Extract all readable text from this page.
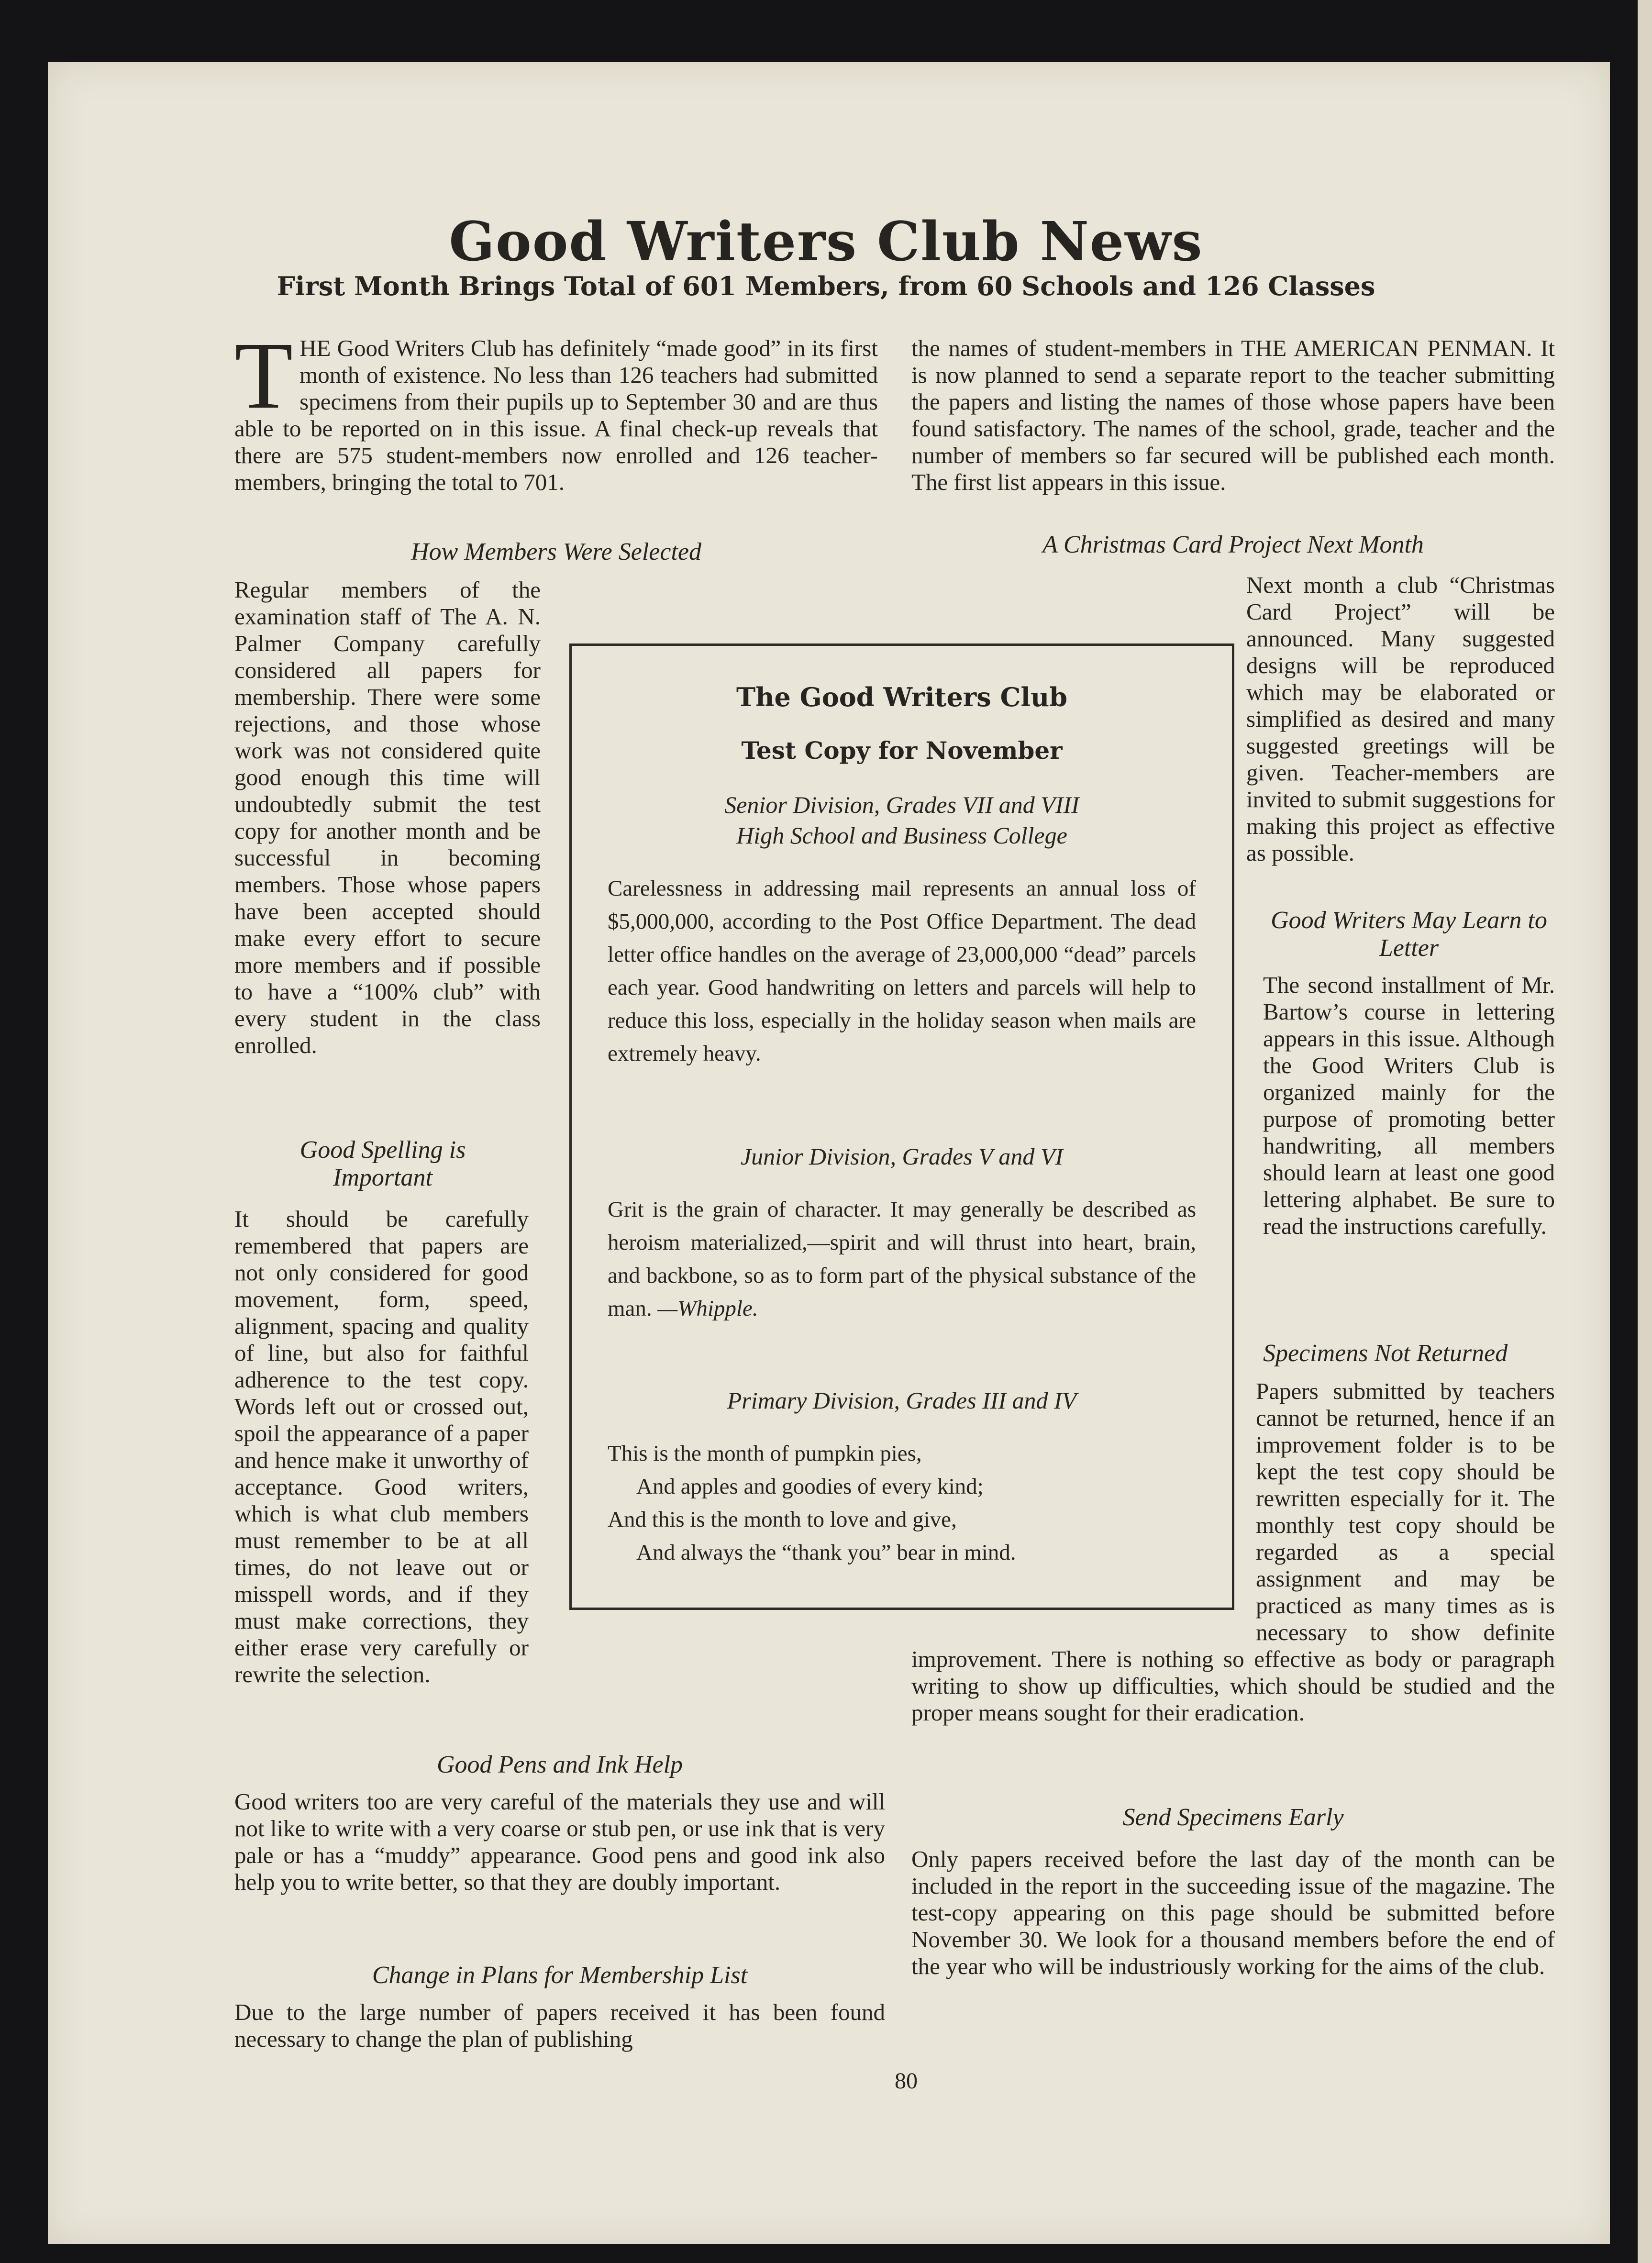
Good Writers Club News
First Month Brings Total of 601 Members, from 60 Schools and 126 Classes

THE Good Writers Club has definitely “made good” in its first month of existence. No less than 126 teachers had submitted specimens from their pupils up to September 30 and are thus able to be reported on in this issue. A final check-up reveals that there are 575 student-members now enrolled and 126 teacher-members, bringing the total to 701.

How Members Were Selected

Regular members of the examination staff of The A. N. Palmer Company carefully considered all papers for membership. There were some rejections, and those whose work was not considered quite good enough this time will undoubtedly submit the test copy for another month and be successful in becoming members. Those whose papers have been accepted should make every effort to secure more members and if possible to have a “100% club” with every student in the class enrolled.

Good Spelling is Important

It should be carefully remembered that papers are not only considered for good movement, form, speed, alignment, spacing and quality of line, but also for faithful adherence to the test copy. Words left out or crossed out, spoil the appearance of a paper and hence make it unworthy of acceptance. Good writers, which is what club members must remember to be at all times, do not leave out or misspell words, and if they must make corrections, they either erase very carefully or rewrite the selection.

Good Pens and Ink Help

Good writers too are very careful of the materials they use and will not like to write with a very coarse or stub pen, or use ink that is very pale or has a “muddy” appearance. Good pens and good ink also help you to write better, so that they are doubly important.

Change in Plans for Membership List

Due to the large number of papers received it has been found necessary to change the plan of publishing

the names of student-members in THE AMERICAN PENMAN. It is now planned to send a separate report to the teacher submitting the papers and listing the names of those whose papers have been found satisfactory. The names of the school, grade, teacher and the number of members so far secured will be published each month. The first list appears in this issue.

A Christmas Card Project Next Month

Next month a club “Christmas Card Project” will be announced. Many suggested designs will be reproduced which may be elaborated or simplified as desired and many suggested greetings will be given. Teacher-members are invited to submit suggestions for making this project as effective as possible.

Good Writers May Learn to Letter

The second installment of Mr. Bartow’s course in lettering appears in this issue. Although the Good Writers Club is organized mainly for the purpose of promoting better handwriting, all members should learn at least one good lettering alphabet. Be sure to read the instructions carefully.

Specimens Not Returned

Papers submitted by teachers cannot be returned, hence if an improvement folder is to be kept the test copy should be rewritten especially for it. The monthly test copy should be regarded as a special assignment and may be practiced as many times as is necessary to show definite improvement. There is nothing so effective as body or paragraph writing to show up difficulties, which should be studied and the proper means sought for their eradication.

Send Specimens Early

Only papers received before the last day of the month can be included in the report in the succeeding issue of the magazine. The test-copy appearing on this page should be submitted before November 30. We look for a thousand members before the end of the year who will be industriously working for the aims of the club.

The Good Writers Club

Test Copy for November

Senior Division, Grades VII and VIII

High School and Business College

Carelessness in addressing mail represents an annual loss of $5,000,000, according to the Post Office Department. The dead letter office handles on the average of 23,000,000 “dead” parcels each year. Good handwriting on letters and parcels will help to reduce this loss, especially in the holiday season when mails are extremely heavy.

Junior Division, Grades V and VI

Grit is the grain of character. It may generally be described as heroism materialized,—spirit and will thrust into heart, brain, and backbone, so as to form part of the physical substance of the man. —Whipple.

Primary Division, Grades III and IV

This is the month of pumpkin pies,

And apples and goodies of every kind;

And this is the month to love and give,

And always the “thank you” bear in mind.

80
